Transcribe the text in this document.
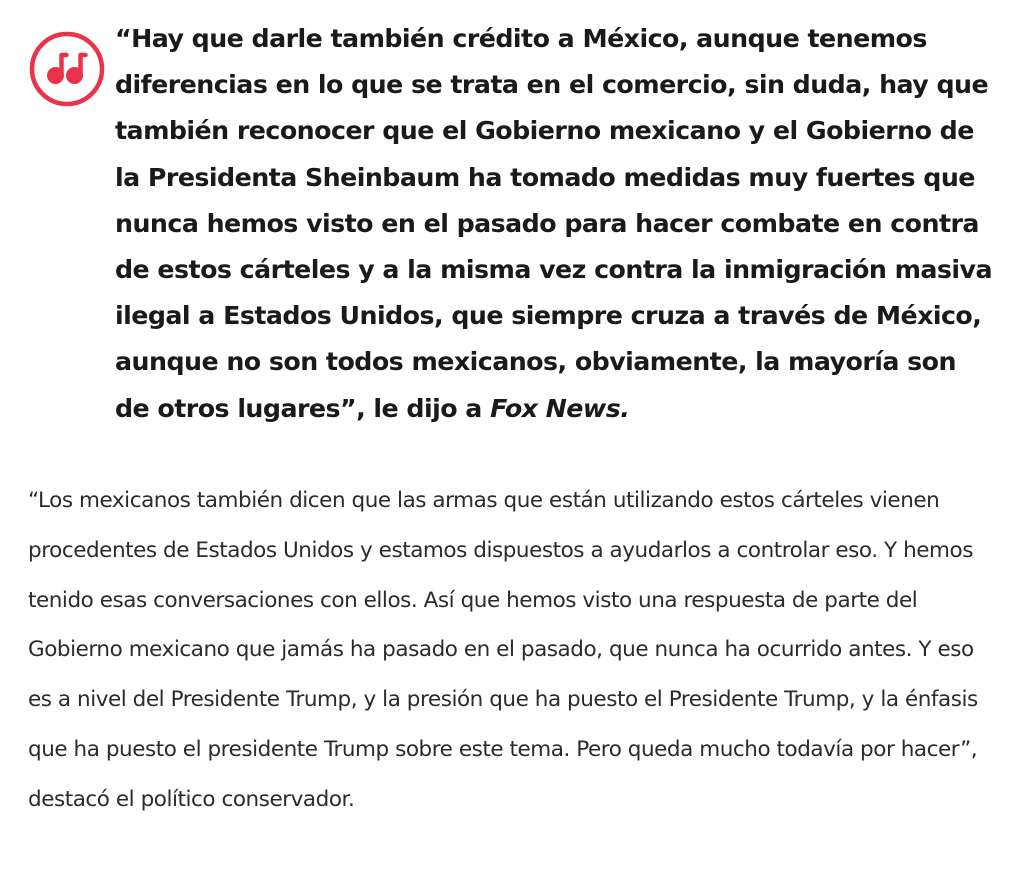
“Hay que darle también crédito a México, aunque tenemos diferencias en lo que se trata en el comercio, sin duda, hay que también reconocer que el Gobierno mexicano y el Gobierno de la Presidenta Sheinbaum ha tomado medidas muy fuertes que nunca hemos visto en el pasado para hacer combate en contra de estos cárteles y a la misma vez contra la inmigración masiva ilegal a Estados Unidos, que siempre cruza a través de México, aunque no son todos mexicanos, obviamente, la mayoría son de otros lugares”, le dijo a Fox News.

“Los mexicanos también dicen que las armas que están utilizando estos cárteles vienen procedentes de Estados Unidos y estamos dispuestos a ayudarlos a controlar eso. Y hemos tenido esas conversaciones con ellos. Así que hemos visto una respuesta de parte del Gobierno mexicano que jamás ha pasado en el pasado, que nunca ha ocurrido antes. Y eso es a nivel del Presidente Trump, y la presión que ha puesto el Presidente Trump, y la énfasis que ha puesto el presidente Trump sobre este tema. Pero queda mucho todavía por hacer”, destacó el político conservador.
